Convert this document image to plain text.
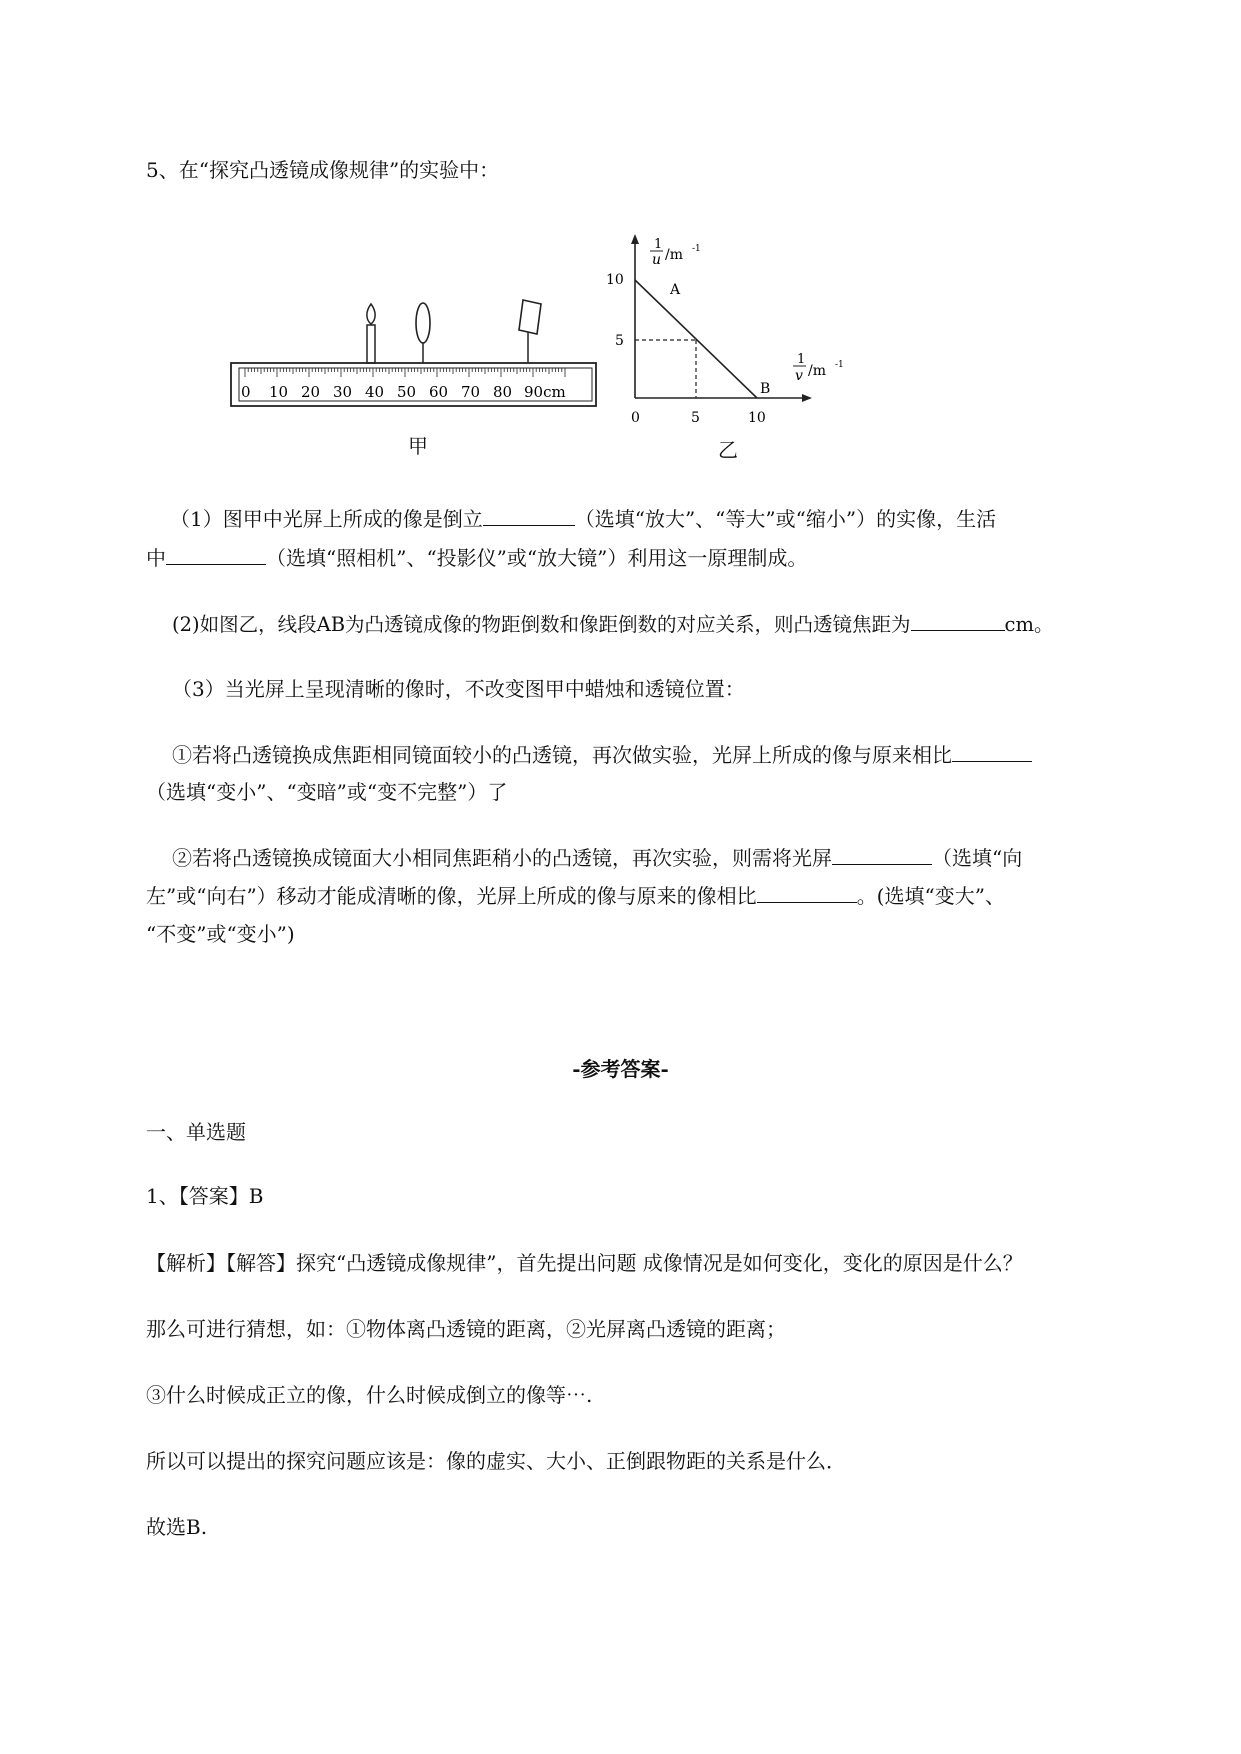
5、在“探究凸透镜成像规律”的实验中：
0 10 20 30 40 50 60 70 80 90cm
甲
1
u /m -1
10
5
0	5	10
A
B
1
v /m -1
乙
（1）图甲中光屏上所成的像是倒立	（选填“放大”、“等大”或“缩小”）的实像，生活
中	（选填“照相机”、“投影仪”或“放大镜”）利用这一原理制成。
(2)如图乙，线段AB为凸透镜成像的物距倒数和像距倒数的对应关系，则凸透镜焦距为	cm。
（3）当光屏上呈现清晰的像时，不改变图甲中蜡烛和透镜位置：
①若将凸透镜换成焦距相同镜面较小的凸透镜，再次做实验，光屏上所成的像与原来相比
（选填“变小”、“变暗”或“变不完整”）了
②若将凸透镜换成镜面大小相同焦距稍小的凸透镜，再次实验，则需将光屏	（选填“向
左”或“向右”）移动才能成清晰的像，光屏上所成的像与原来的像相比	。(选填“变大”、
“不变”或“变小”)
-参考答案-
一、单选题
1、【答案】B
【解析】【解答】探究“凸透镜成像规律”，首先提出问题 成像情况是如何变化，变化的原因是什么？
那么可进行猜想，如：①物体离凸透镜的距离，②光屏离凸透镜的距离；
③什么时候成正立的像，什么时候成倒立的像等⋯.
所以可以提出的探究问题应该是：像的虚实、大小、正倒跟物距的关系是什么．
故选B.
